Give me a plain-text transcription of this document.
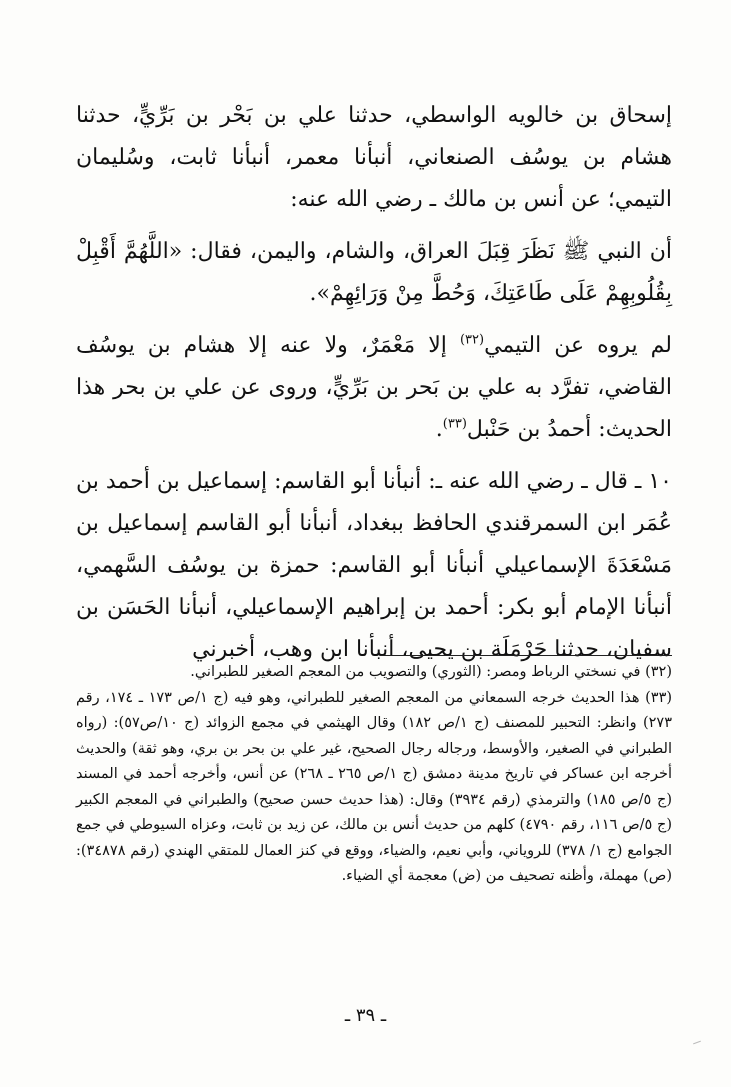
إسحاق بن خالويه الواسطي، حدثنا علي بن بَحْر بن بَرِّيٍّ، حدثنا هشام بن يوسُف الصنعاني، أنبأنا معمر، أنبأنا ثابت، وسُليمان التيمي؛ عن أنس بن مالك ـ رضي الله عنه:

أن النبي ﷺ نَظَرَ قِبَلَ العراق، والشام، واليمن، فقال: «اللَّهُمَّ أَقْبِلْ بِقُلُوبِهِمْ عَلَى طَاعَتِكَ، وَحُطَّ مِنْ وَرَائِهِمْ».

لم يروه عن التيمي$^{(٣٢)}$ إلا مَعْمَرٌ، ولا عنه إلا هشام بن يوسُف القاضي، تفرَّد به علي بن بَحر بن بَرِّيٍّ، وروى عن علي بن بحر هذا الحديث: أحمدُ بن حَنْبل$^{(٣٣)}$.

١٠ ـ قال ـ رضي الله عنه ـ: أنبأنا أبو القاسم: إسماعيل بن أحمد بن عُمَر ابن السمرقندي الحافظ ببغداد، أنبأنا أبو القاسم إسماعيل بن مَسْعَدَةَ الإسماعيلي أنبأنا أبو القاسم: حمزة بن يوسُف السَّهمي، أنبأنا الإمام أبو بكر: أحمد بن إبراهيم الإسماعيلي، أنبأنا الحَسَن بن سفيان، حدثنا حَرْمَلَة بن يحيى، أنبأنا ابن وهب، أخبرني

(٣٢) في نسختي الرباط ومصر: (الثوري) والتصويب من المعجم الصغير للطبراني.

(٣٣) هذا الحديث خرجه السمعاني من المعجم الصغير للطبراني، وهو فيه (ج ١/ص ١٧٣ ـ ١٧٤، رقم ٢٧٣) وانظر: التحبير للمصنف (ج ١/ص ١٨٢) وقال الهيثمي في مجمع الزوائد (ج ١٠/ص٥٧): (رواه الطبراني في الصغير، والأوسط، ورجاله رجال الصحيح، غير علي بن بحر بن بري، وهو ثقة) والحديث أخرجه ابن عساكر في تاريخ مدينة دمشق (ج ١/ص ٢٦٥ ـ ٢٦٨) عن أنس، وأخرجه أحمد في المسند (ج ٥/ص ١٨٥) والترمذي (رقم ٣٩٣٤) وقال: (هذا حديث حسن صحيح) والطبراني في المعجم الكبير (ج ٥/ص ١١٦، رقم ٤٧٩٠) كلهم من حديث أنس بن مالك، عن زيد بن ثابت، وعزاه السيوطي في جمع الجوامع (ج ١/ ٣٧٨) للروياني، وأبي نعيم، والضياء، ووقع في كنز العمال للمتقي الهندي (رقم ٣٤٨٧٨): (ص) مهملة، وأظنه تصحيف من (ض) معجمة أي الضياء.

ـ ٣٩ ـ
